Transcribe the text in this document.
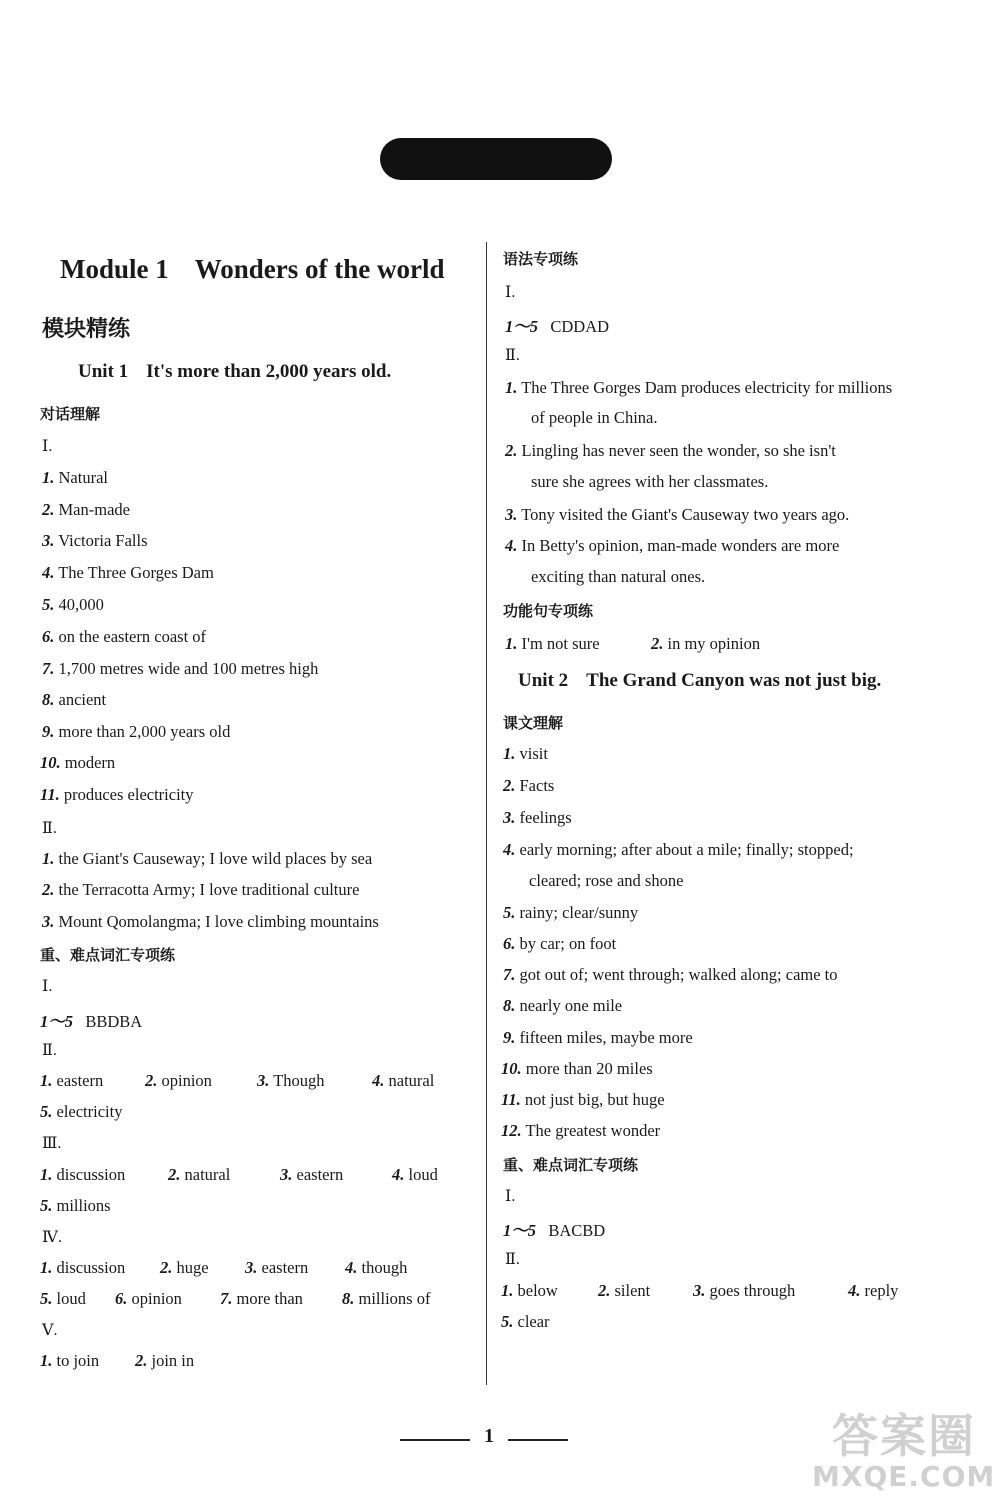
Module 1 Wonders of the world
模块精练
Unit 1 It's more than 2,000 years old.
对话理解
Ⅰ.
1. Natural
2. Man-made
3. Victoria Falls
4. The Three Gorges Dam
5. 40,000
6. on the eastern coast of
7. 1,700 metres wide and 100 metres high
8. ancient
9. more than 2,000 years old
10. modern
11. produces electricity
Ⅱ.
1. the Giant's Causeway; I love wild places by sea
2. the Terracotta Army; I love traditional culture
3. Mount Qomolangma; I love climbing mountains
重、难点词汇专项练
Ⅰ.
1～5 BBDBA
Ⅱ.
1. eastern	2. opinion	3. Though	4. natural
5. electricity
Ⅲ.
1. discussion	2. natural	3. eastern	4. loud
5. millions
Ⅳ.
1. discussion 2. huge 3. eastern 4. though
5. loud 6. opinion 7. more than 8. millions of
Ⅴ.
1. to join 2. join in
语法专项练
Ⅰ.
1～5 CDDAD
Ⅱ.
1. The Three Gorges Dam produces electricity for millions
of people in China.
2. Lingling has never seen the wonder, so she isn't
sure she agrees with her classmates.
3. Tony visited the Giant's Causeway two years ago.
4. In Betty's opinion, man-made wonders are more
exciting than natural ones.
功能句专项练
1. I'm not sure	2. in my opinion
Unit 2 The Grand Canyon was not just big.
课文理解
1. visit
2. Facts
3. feelings
4. early morning; after about a mile; finally; stopped;
cleared; rose and shone
5. rainy; clear/sunny
6. by car; on foot
7. got out of; went through; walked along; came to
8. nearly one mile
9. fifteen miles, maybe more
10. more than 20 miles
11. not just big, but huge
12. The greatest wonder
重、难点词汇专项练
Ⅰ.
1～5 BACBD
Ⅱ.
1. below 2. silent	3. goes through	4. reply
5. clear
1	答案圈
MXQE.COM
